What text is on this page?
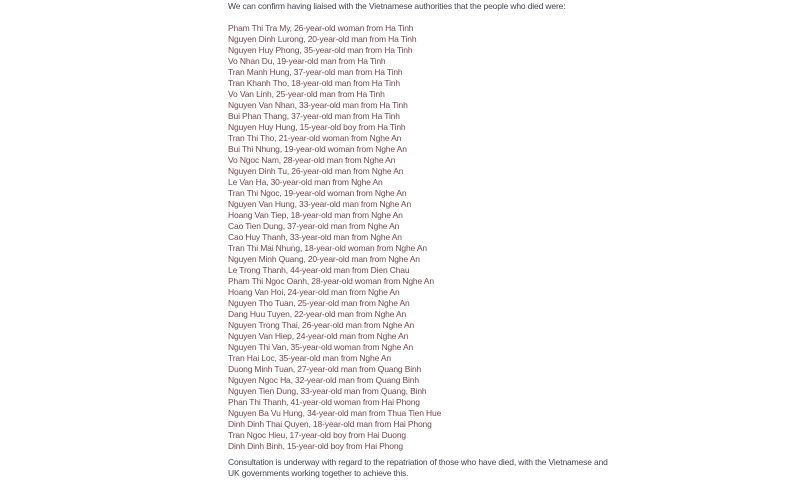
We can confirm having liaised with the Vietnamese authorities that the people who died were:

Pham Thi Tra My, 26-year-old woman from Ha Tinh
Nguyen Dinh Lurong, 20-year-old man from Ha Tinh
Nguyen Huy Phong, 35-year-old man from Ha Tinh
Vo Nhan Du, 19-year-old man from Ha Tinh
Tran Manh Hung, 37-year-old man from Ha Tinh
Tran Khanh Tho, 18-year-old man from Ha Tinh
Vo Van Linh, 25-year-old man from Ha Tinh
Nguyen Van Nhan, 33-year-old man from Ha Tinh
Bui Phan Thang, 37-year-old man from Ha Tinh
Nguyen Huy Hung, 15-year-old boy from Ha Tinh
Tran Thi Tho, 21-year-old woman from Nghe An
Bui Thi Nhung, 19-year-old woman from Nghe An
Vo Ngoc Nam, 28-year-old man from Nghe An
Nguyen Dinh Tu, 26-year-old man from Nghe An
Le Van Ha, 30-year-old man from Nghe An
Tran Thi Ngoc, 19-year-old woman from Nghe An
Nguyen Van Hung, 33-year-old man from Nghe An
Hoang Van Tiep, 18-year-old man from Nghe An
Cao Tien Dung, 37-year-old man from Nghe An
Cao Huy Thanh, 33-year-old man from Nghe An
Tran Thi Mai Nhung, 18-year-old woman from Nghe An
Nguyen Minh Quang, 20-year-old man from Nghe An
Le Trong Thanh, 44-year-old man from Dien Chau
Pham Thi Ngoc Oanh, 28-year-old woman from Nghe An
Hoang Van Hoi, 24-year-old man from Nghe An
Nguyen Tho Tuan, 25-year-old man from Nghe An
Dang Huu Tuyen, 22-year-old man from Nghe An
Nguyen Trong Thai, 26-year-old man from Nghe An
Nguyen Van Hiep, 24-year-old man from Nghe An
Nguyen Thi Van, 35-year-old woman from Nghe An
Tran Hai Loc, 35-year-old man from Nghe An
Duong Minh Tuan, 27-year-old man from Quang Binh
Nguyen Ngoc Ha, 32-year-old man from Quang Binh
Nguyen Tien Dung, 33-year-old man from Quang, Binh
Phan Thi Thanh, 41-year-old woman from Hai Phong
Nguyen Ba Vu Hung, 34-year-old man from Thua Tien Hue
Dinh Dinh Thai Quyen, 18-year-old man from Hai Phong
Tran Ngoc Hieu, 17-year-old boy from Hai Duong
Dinh Dinh Binh, 15-year-old boy from Hai Phong

Consultation is underway with regard to the repatriation of those who have died, with the Vietnamese and
UK governments working together to achieve this.
